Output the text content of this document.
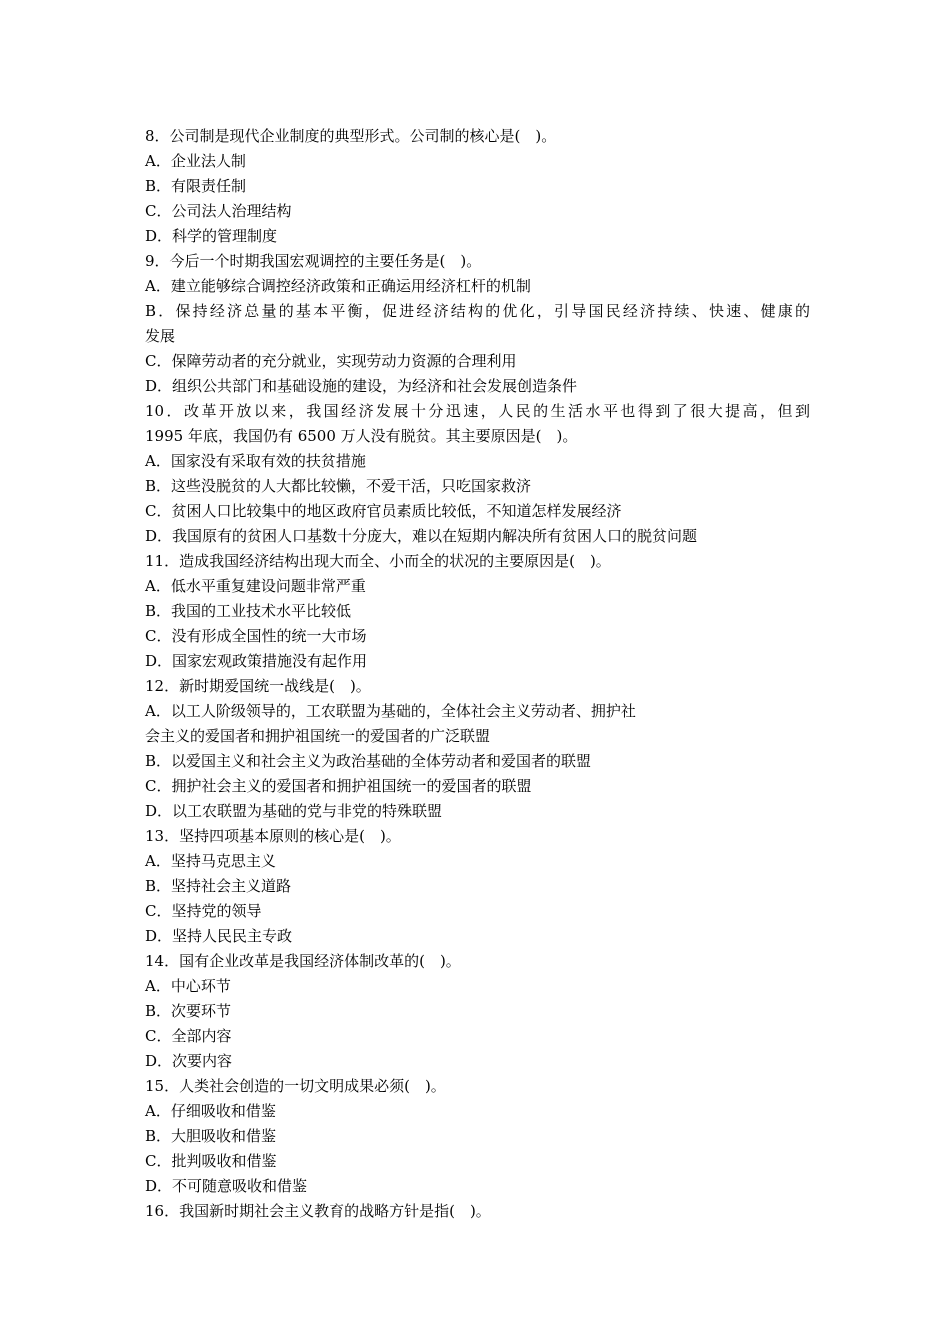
8．公司制是现代企业制度的典型形式。公司制的核心是(　)。
A．企业法人制
B．有限责任制
C．公司法人治理结构
D．科学的管理制度
9．今后一个时期我国宏观调控的主要任务是(　)。
A．建立能够综合调控经济政策和正确运用经济杠杆的机制
B．保持经济总量的基本平衡，促进经济结构的优化，引导国民经济持续、快速、健康的
发展
C．保障劳动者的充分就业，实现劳动力资源的合理利用
D．组织公共部门和基础设施的建设，为经济和社会发展创造条件
10．改革开放以来，我国经济发展十分迅速，人民的生活水平也得到了很大提高，但到
1995 年底，我国仍有 6500 万人没有脱贫。其主要原因是(　)。
A．国家没有采取有效的扶贫措施
B．这些没脱贫的人大都比较懒，不爱干活，只吃国家救济
C．贫困人口比较集中的地区政府官员素质比较低，不知道怎样发展经济
D．我国原有的贫困人口基数十分庞大，难以在短期内解决所有贫困人口的脱贫问题
11．造成我国经济结构出现大而全、小而全的状况的主要原因是(　)。
A．低水平重复建设问题非常严重
B．我国的工业技术水平比较低
C．没有形成全国性的统一大市场
D．国家宏观政策措施没有起作用
12．新时期爱国统一战线是(　)。
A．以工人阶级领导的，工农联盟为基础的，全体社会主义劳动者、拥护社
会主义的爱国者和拥护祖国统一的爱国者的广泛联盟
B．以爱国主义和社会主义为政治基础的全体劳动者和爱国者的联盟
C．拥护社会主义的爱国者和拥护祖国统一的爱国者的联盟
D．以工农联盟为基础的党与非党的特殊联盟
13．坚持四项基本原则的核心是(　)。
A．坚持马克思主义
B．坚持社会主义道路
C．坚持党的领导
D．坚持人民民主专政
14．国有企业改革是我国经济体制改革的(　)。
A．中心环节
B．次要环节
C．全部内容
D．次要内容
15．人类社会创造的一切文明成果必须(　)。
A．仔细吸收和借鉴
B．大胆吸收和借鉴
C．批判吸收和借鉴
D．不可随意吸收和借鉴
16．我国新时期社会主义教育的战略方针是指(　)。
